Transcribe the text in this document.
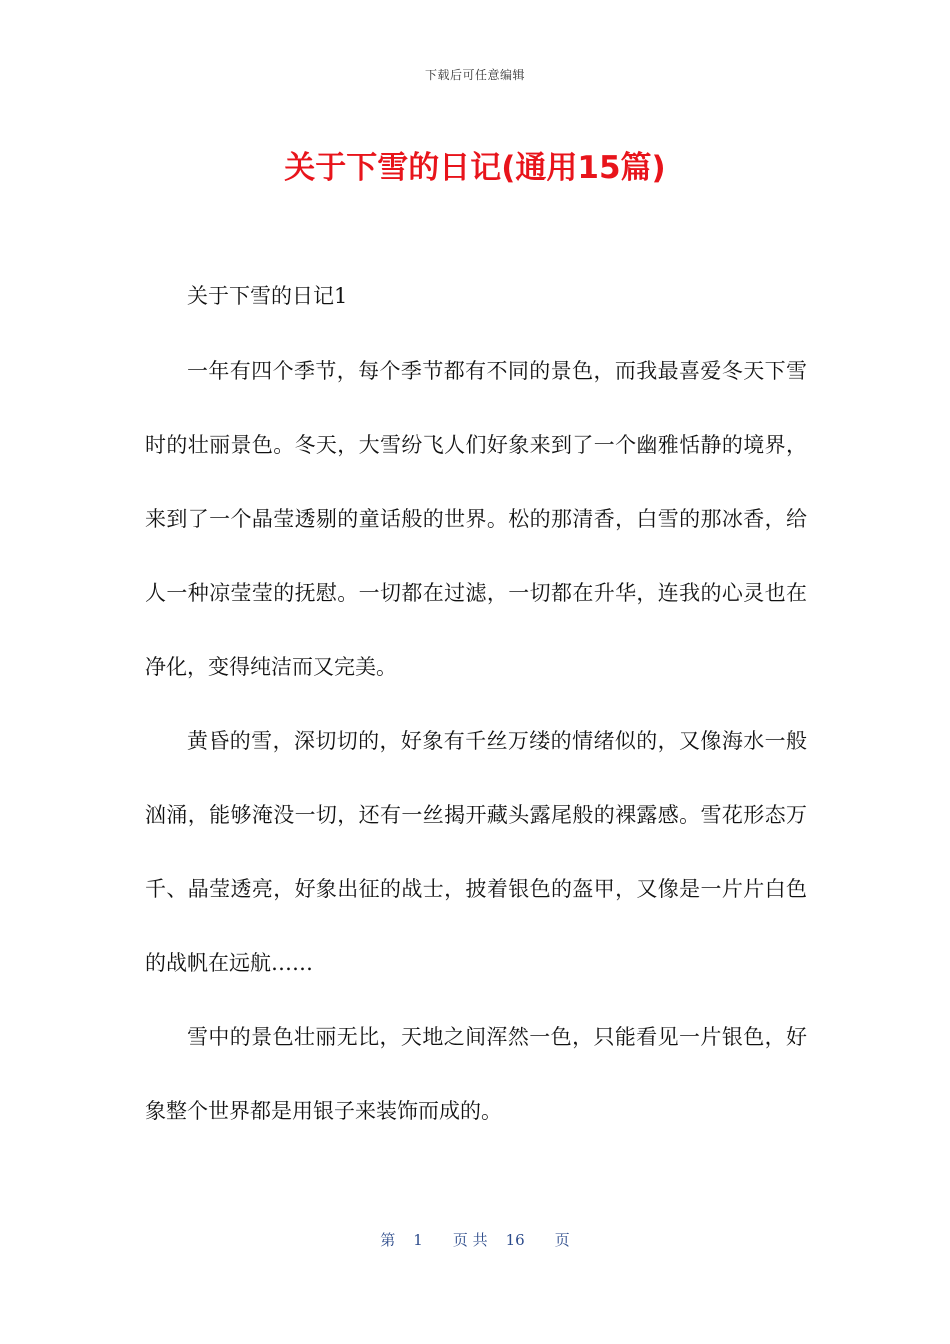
下载后可任意编辑
关于下雪的日记(通用15篇)

关于下雪的日记1

一年有四个季节，每个季节都有不同的景色，而我最喜爱冬天下雪时的壮丽景色。冬天，大雪纷飞人们好象来到了一个幽雅恬静的境界，来到了一个晶莹透剔的童话般的世界。松的那清香，白雪的那冰香，给人一种凉莹莹的抚慰。一切都在过滤，一切都在升华，连我的心灵也在净化，变得纯洁而又完美。

黄昏的雪，深切切的，好象有千丝万缕的情绪似的，又像海水一般汹涌，能够淹没一切，还有一丝揭开藏头露尾般的裸露感。雪花形态万千、晶莹透亮，好象出征的战士，披着银色的盔甲，又像是一片片白色的战帆在远航……

雪中的景色壮丽无比，天地之间浑然一色，只能看见一片银色，好象整个世界都是用银子来装饰而成的。

第 1 页 共 16 页
